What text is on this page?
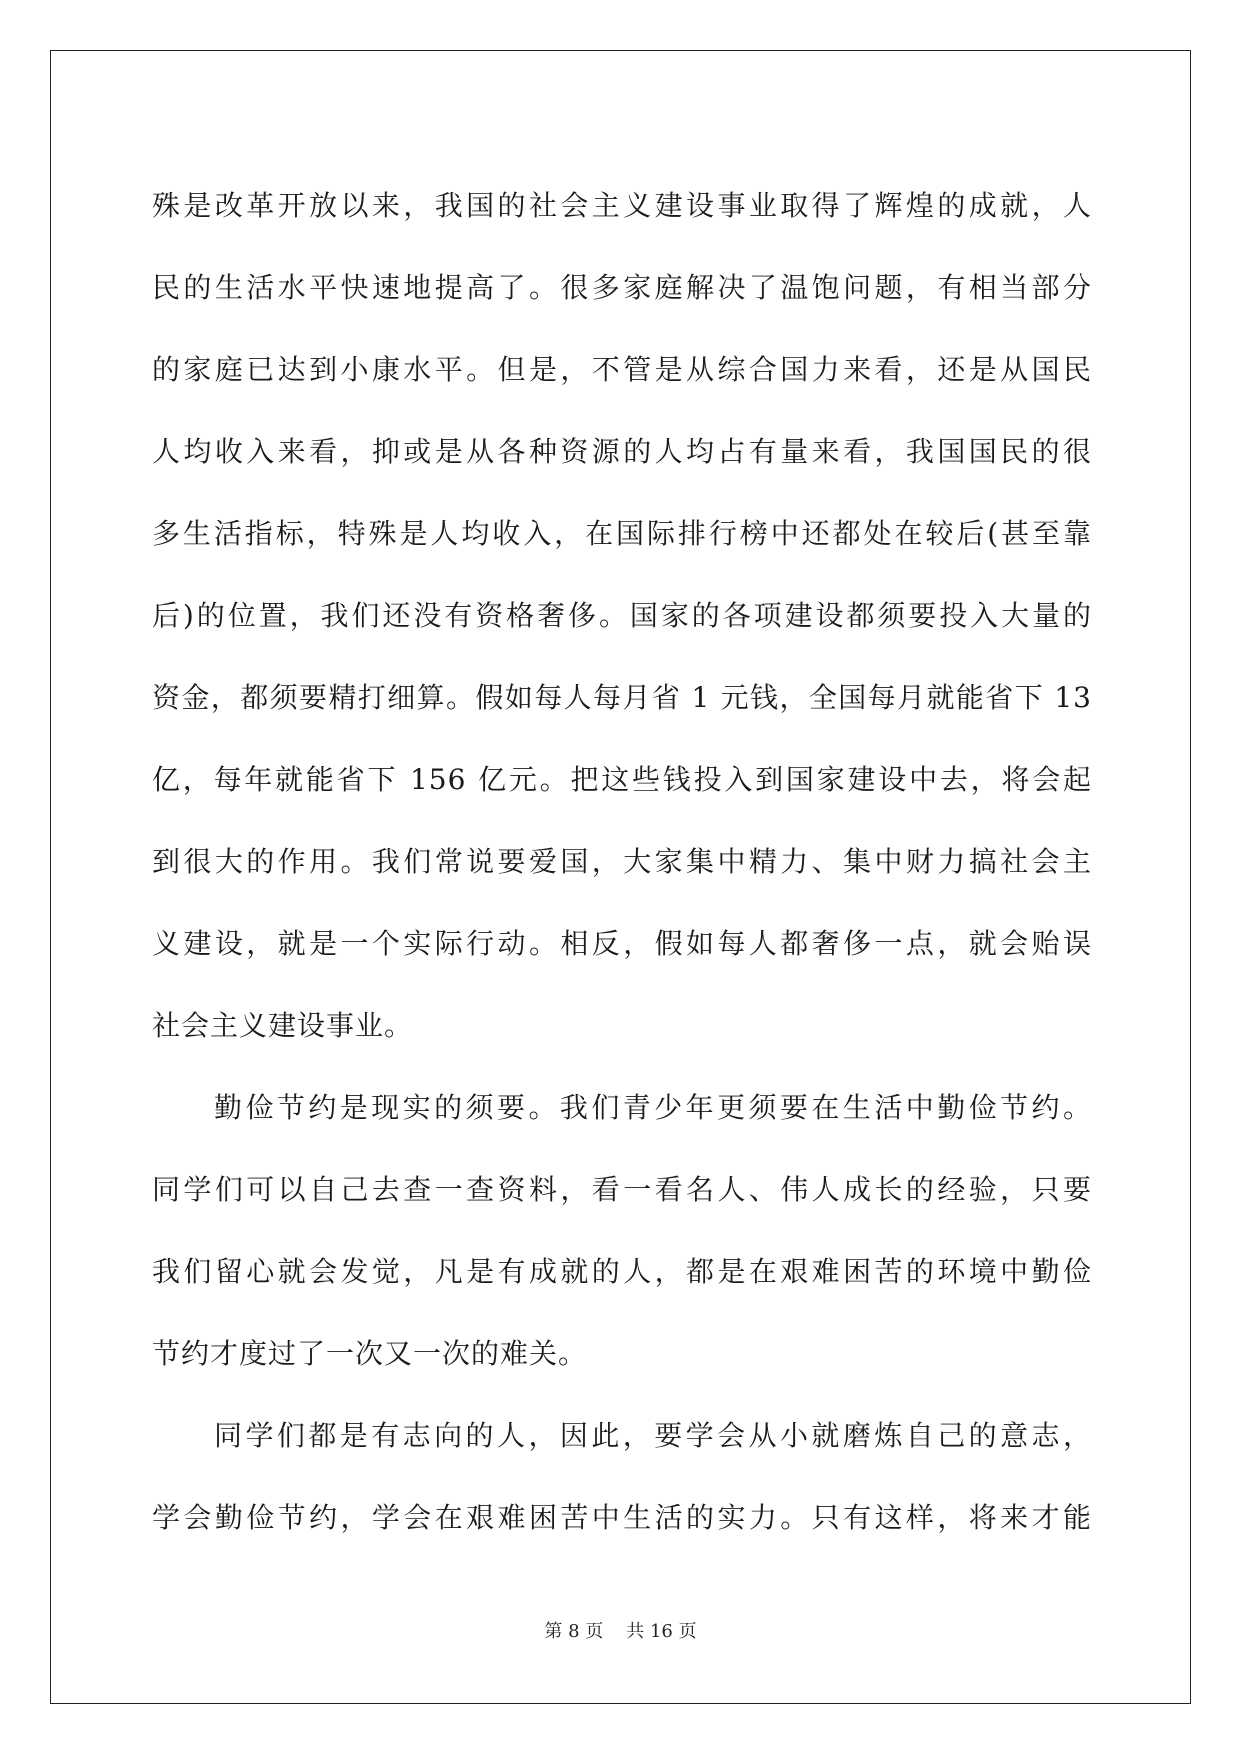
殊是改革开放以来，我国的社会主义建设事业取得了辉煌的成就，人
民的生活水平快速地提高了。很多家庭解决了温饱问题，有相当部分
的家庭已达到小康水平。但是，不管是从综合国力来看，还是从国民
人均收入来看，抑或是从各种资源的人均占有量来看，我国国民的很
多生活指标，特殊是人均收入，在国际排行榜中还都处在较后(甚至靠
后)的位置，我们还没有资格奢侈。国家的各项建设都须要投入大量的
资金，都须要精打细算。假如每人每月省 1 元钱，全国每月就能省下 13
亿，每年就能省下 156 亿元。把这些钱投入到国家建设中去，将会起
到很大的作用。我们常说要爱国，大家集中精力、集中财力搞社会主
义建设，就是一个实际行动。相反，假如每人都奢侈一点，就会贻误
社会主义建设事业。
勤俭节约是现实的须要。我们青少年更须要在生活中勤俭节约。
同学们可以自己去查一查资料，看一看名人、伟人成长的经验，只要
我们留心就会发觉，凡是有成就的人，都是在艰难困苦的环境中勤俭
节约才度过了一次又一次的难关。
同学们都是有志向的人，因此，要学会从小就磨炼自己的意志，
学会勤俭节约，学会在艰难困苦中生活的实力。只有这样，将来才能
第 8 页 共 16 页
